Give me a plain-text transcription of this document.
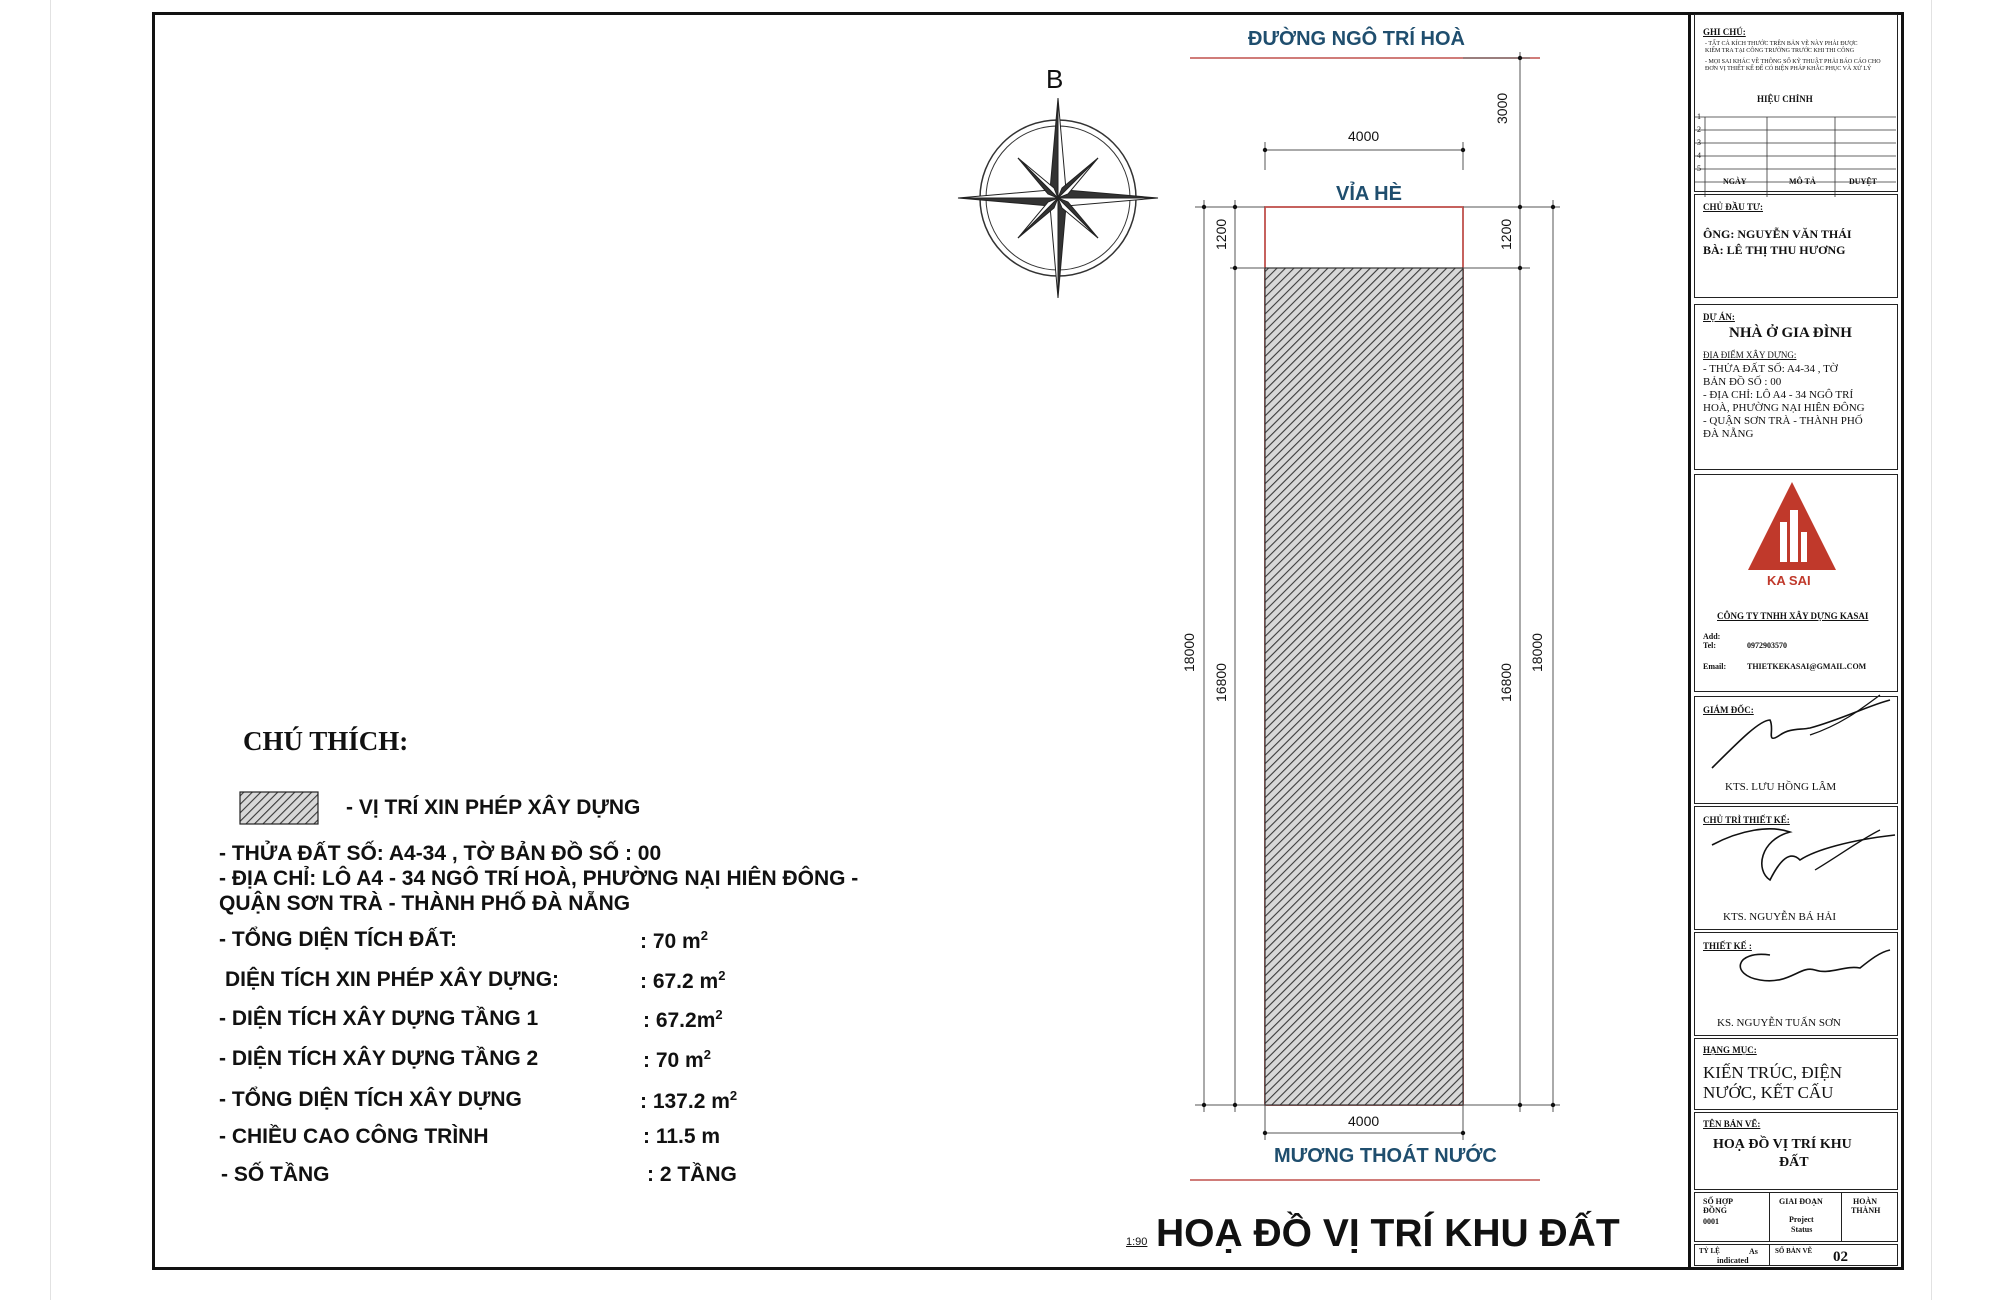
ĐƯỜNG NGÔ TRÍ HOÀ
VỈA HÈ
MƯƠNG THOÁT NƯỚC
B
4000
4000
3000
1200	1200
18000
16800	16800
18000
1:90 HOẠ ĐỒ VỊ TRÍ KHU ĐẤT
CHÚ THÍCH:
- VỊ TRÍ XIN PHÉP XÂY DỰNG
- THỬA ĐẤT SỐ: A4-34 , TỜ BẢN ĐỒ SỐ : 00
- ĐỊA CHỈ: LÔ A4 - 34 NGÔ TRÍ HOÀ, PHƯỜNG NẠI HIÊN ĐÔNG -
QUẬN SƠN TRÀ - THÀNH PHỐ ĐÀ NẴNG
- TỔNG DIỆN TÍCH ĐẤT:	: 70 $m^2$
DIỆN TÍCH XIN PHÉP XÂY DỰNG:	: 67.2 $m^2$
- DIỆN TÍCH XÂY DỰNG TẦNG 1	: $67.2m^2$
- DIỆN TÍCH XÂY DỰNG TẦNG 2	: 70 $m^2$
- TỔNG DIỆN TÍCH XÂY DỰNG	: 137.2 $m^2$
- CHIỀU CAO CÔNG TRÌNH	: 11.5 m
- SỐ TẦNG	: 2 TẦNG
GHI CHÚ:
- TẤT CẢ KÍCH THƯỚC TRÊN BẢN VẼ NÀY PHẢI ĐƯỢC
KIỂM TRA TẠI CÔNG TRƯỜNG TRƯỚC KHI THI CÔNG
- MỌI SAI KHÁC VỀ THÔNG SỐ KỸ THUẬT PHẢI BÁO CÁO CHO
ĐƠN VỊ THIẾT KẾ ĐỂ CÓ BIỆN PHÁP KHẮC PHỤC VÀ XỬ LÝ
HIỆU CHỈNH
1
2
3
4
5
NGÀY	MÔ TẢ	DUYỆT
CHỦ ĐẦU TƯ:
ÔNG: NGUYỄN VĂN THÁI
BÀ: LÊ THỊ THU HƯƠNG
DỰ ÁN:
NHÀ Ở GIA ĐÌNH
ĐỊA ĐIỂM XÂY DỰNG:
- THỬA ĐẤT SỐ: A4-34 , TỜ
BẢN ĐỒ SỐ : 00
- ĐỊA CHỈ: LÔ A4 - 34 NGÔ TRÍ
HOÀ, PHƯỜNG NẠI HIÊN ĐÔNG
- QUẬN SƠN TRÀ - THÀNH PHỐ
ĐÀ NẴNG
KA SAI
CÔNG TY TNHH XÂY DỰNG KASAI
Add:
Tel:	0972903570
Email:	THIETKEKASAI@GMAIL.COM
GIÁM ĐỐC:
KTS. LƯU HỒNG LÂM
CHỦ TRÌ THIẾT KẾ:
KTS. NGUYỄN BÁ HẢI
THIẾT KẾ :
KS. NGUYỄN TUẤN SƠN
HẠNG MỤC:
KIẾN TRÚC, ĐIỆN
NƯỚC, KẾT CẤU
TÊN BẢN VẼ:
HOẠ ĐỒ VỊ TRÍ KHU
ĐẤT
SỐ HỢP ĐỒNG
0001
GIAI ĐOẠN
Project
Status
HOÀN
THÀNH
TỶ LỆ	As
indicated
SỐ BẢN VẼ 02
